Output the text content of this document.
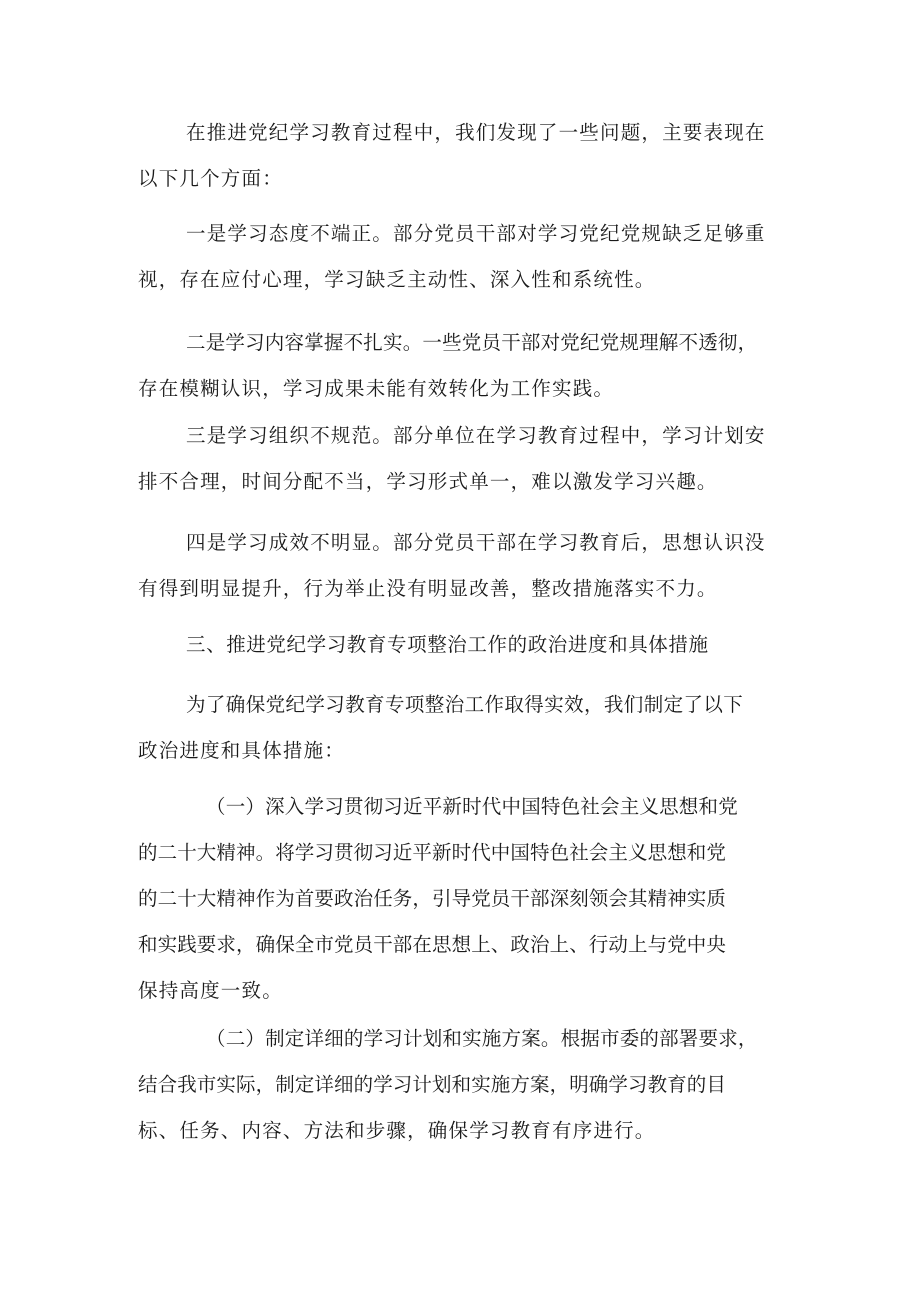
在推进党纪学习教育过程中，我们发现了一些问题，主要表现在
以下几个方面：
一是学习态度不端正。部分党员干部对学习党纪党规缺乏足够重
视，存在应付心理，学习缺乏主动性、深入性和系统性。
二是学习内容掌握不扎实。一些党员干部对党纪党规理解不透彻，
存在模糊认识，学习成果未能有效转化为工作实践。
三是学习组织不规范。部分单位在学习教育过程中，学习计划安
排不合理，时间分配不当，学习形式单一，难以激发学习兴趣。
四是学习成效不明显。部分党员干部在学习教育后，思想认识没
有得到明显提升，行为举止没有明显改善，整改措施落实不力。
三、推进党纪学习教育专项整治工作的政治进度和具体措施
为了确保党纪学习教育专项整治工作取得实效，我们制定了以下
政治进度和具体措施：
（一）深入学习贯彻习近平新时代中国特色社会主义思想和党
的二十大精神。将学习贯彻习近平新时代中国特色社会主义思想和党
的二十大精神作为首要政治任务，引导党员干部深刻领会其精神实质
和实践要求，确保全市党员干部在思想上、政治上、行动上与党中央
保持高度一致。
（二）制定详细的学习计划和实施方案。根据市委的部署要求，
结合我市实际，制定详细的学习计划和实施方案，明确学习教育的目
标、任务、内容、方法和步骤，确保学习教育有序进行。
